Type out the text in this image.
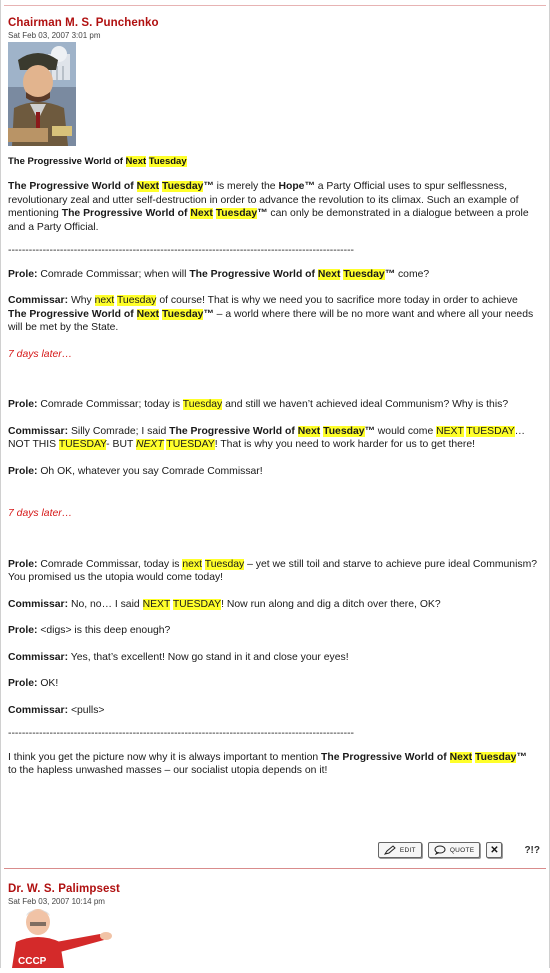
Chairman M. S. Punchenko
Sat Feb 03, 2007 3:01 pm
The Progressive World of Next Tuesday

The Progressive World of Next Tuesday™ is merely the Hope™ a Party Official uses to spur selflessness, revolutionary zeal and utter self-destruction in order to advance the revolution to its climax. Such an example of mentioning The Progressive World of Next Tuesday™ can only be demonstrated in a dialogue between a prole and a Party Official.

----------------------------------------------------------------------------------------------------

Prole: Comrade Commissar; when will The Progressive World of Next Tuesday™ come?

Commissar: Why next Tuesday of course! That is why we need you to sacrifice more today in order to achieve The Progressive World of Next Tuesday™ – a world where there will be no more want and where all your needs will be met by the State.

7 days later…

Prole: Comrade Commissar; today is Tuesday and still we haven’t achieved ideal Communism? Why is this?

Commissar: Silly Comrade; I said The Progressive World of Next Tuesday™ would come NEXT TUESDAY…NOT THIS TUESDAY- BUT NEXT TUESDAY! That is why you need to work harder for us to get there!

Prole: Oh OK, whatever you say Comrade Commissar!

7 days later…

Prole: Comrade Commissar, today is next Tuesday – yet we still toil and starve to achieve pure ideal Communism? You promised us the utopia would come today!

Commissar: No, no… I said NEXT TUESDAY! Now run along and dig a ditch over there, OK?

Prole: <digs> is this deep enough?

Commissar: Yes, that’s excellent! Now go stand in it and close your eyes!

Prole: OK!

Commissar: <pulls>

----------------------------------------------------------------------------------------------------

I think you get the picture now why it is always important to mention The Progressive World of Next Tuesday™ to the hapless unwashed masses – our socialist utopia depends on it!

EDIT	QUOTE ✕	?!?
Dr. W. S. Palimpsest
Sat Feb 03, 2007 10:14 pm
CCCP
